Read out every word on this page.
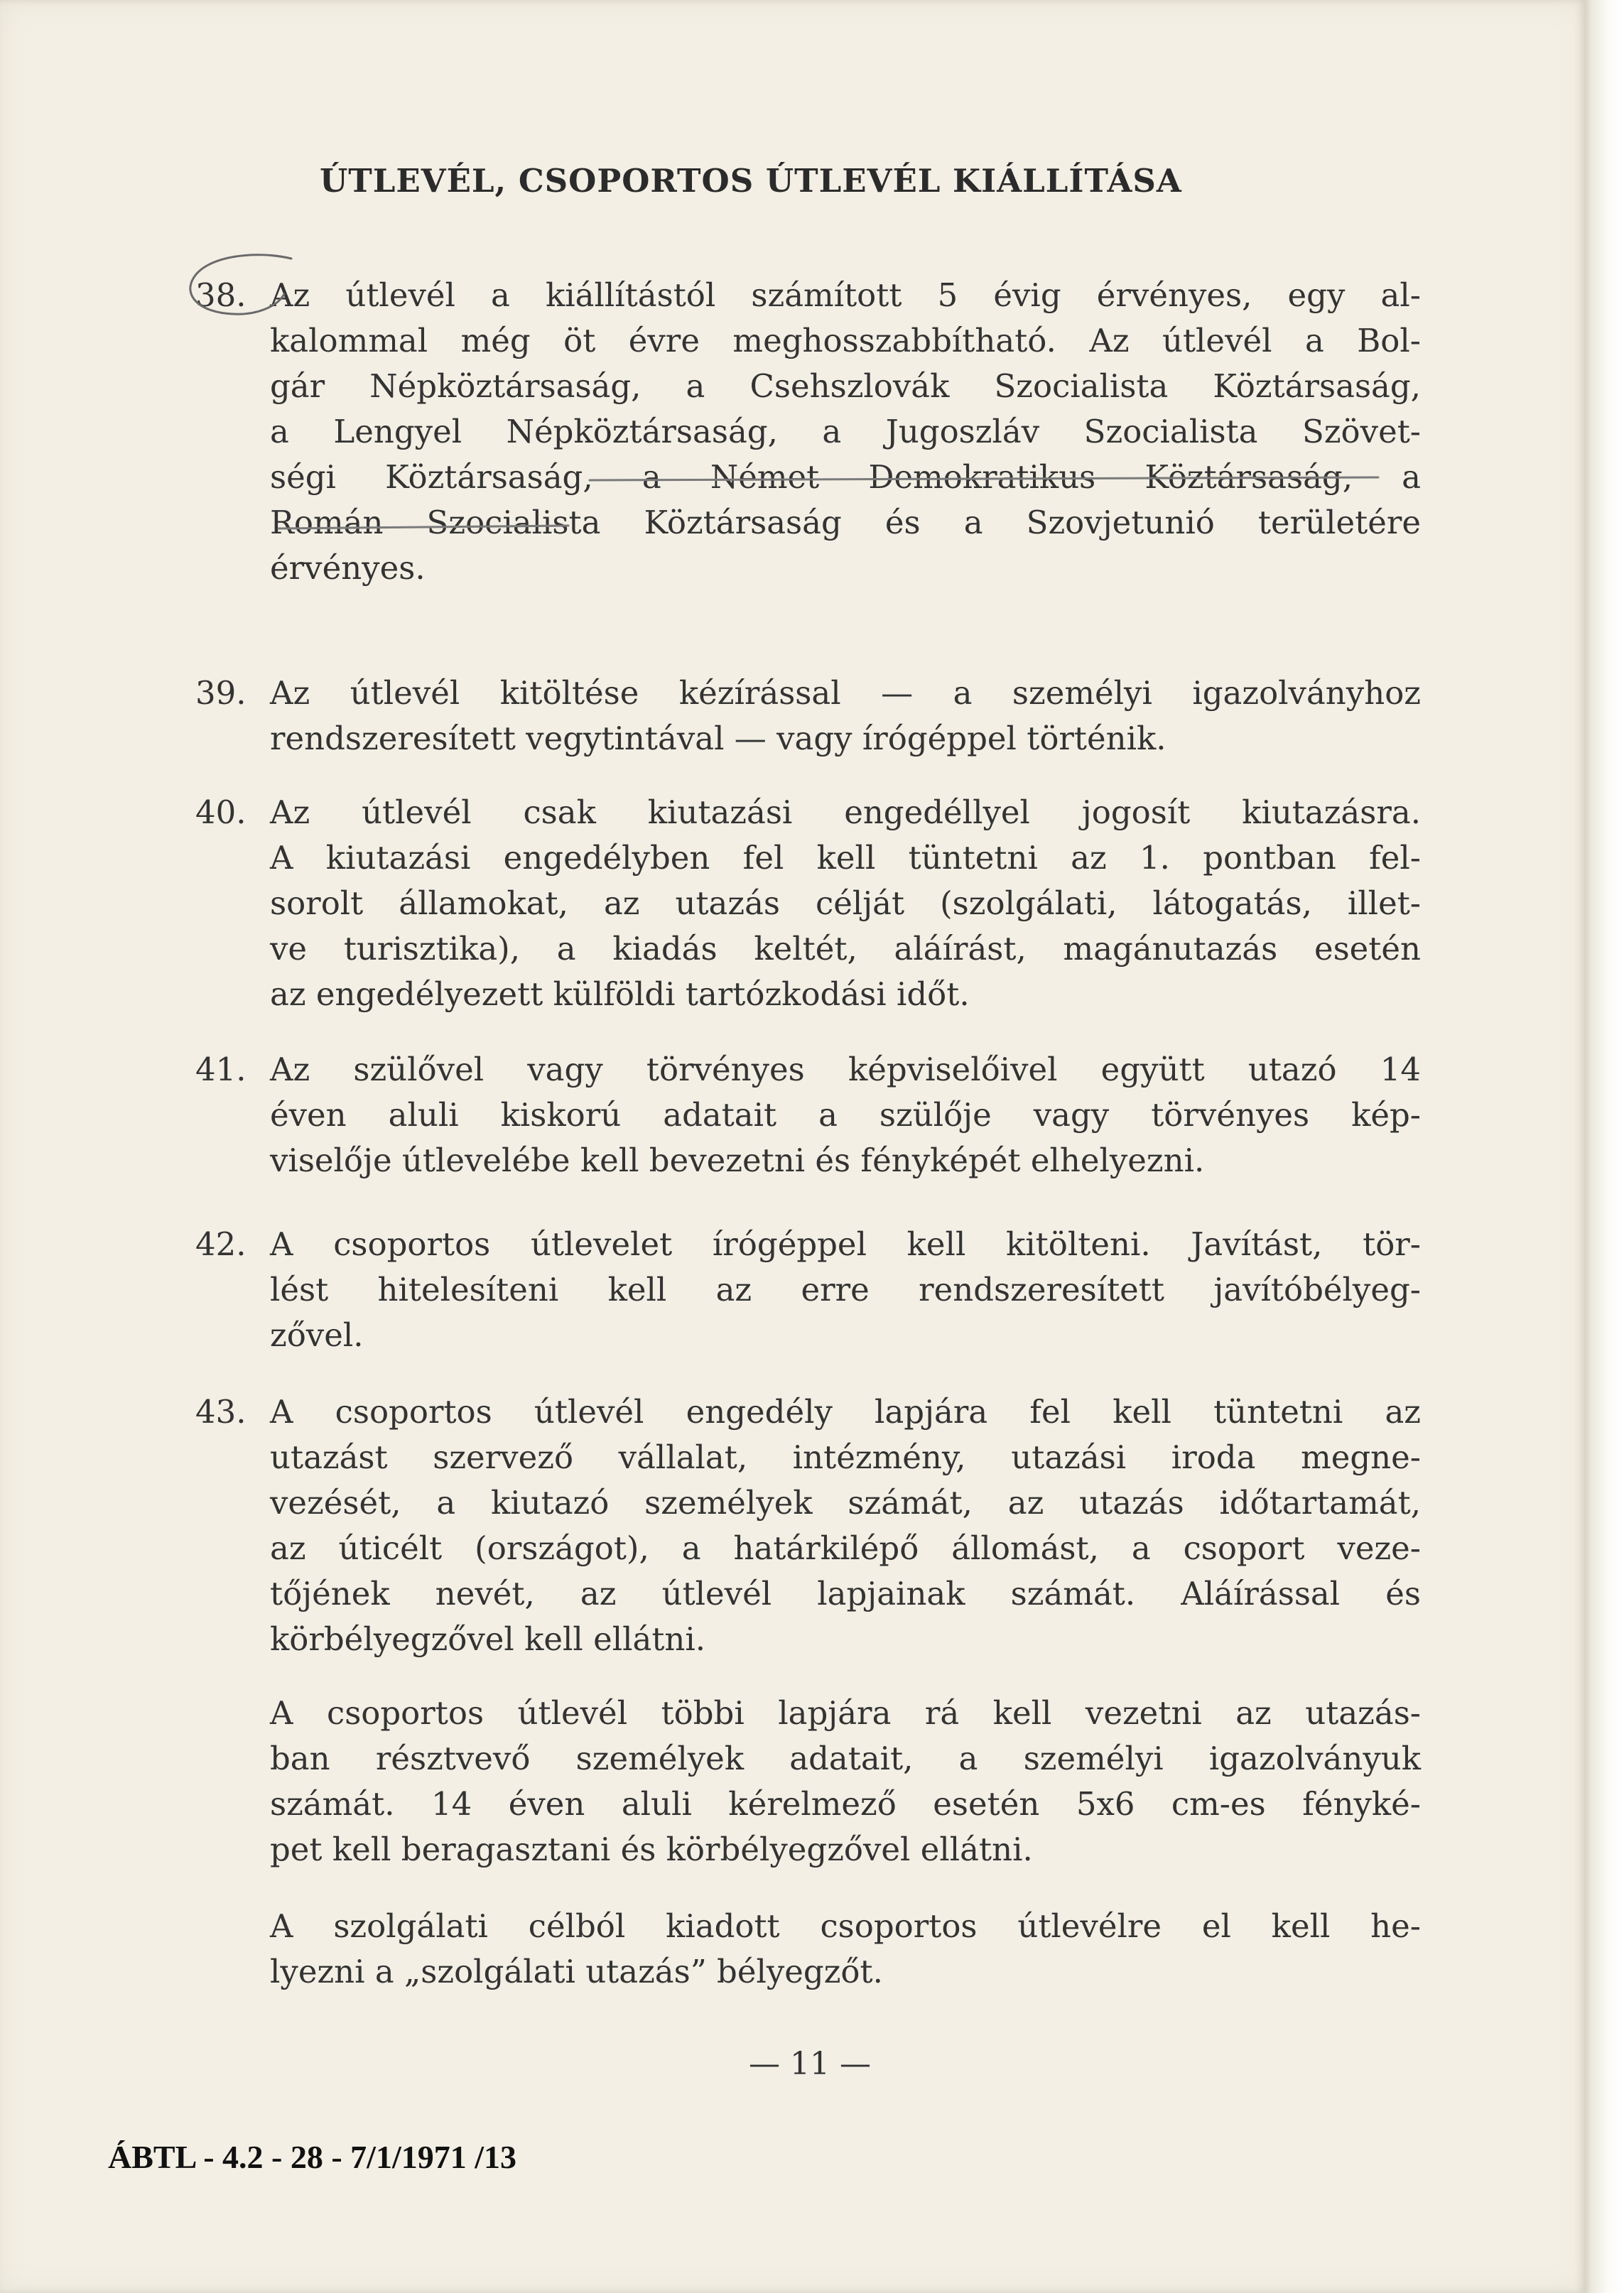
ÚTLEVÉL, CSOPORTOS ÚTLEVÉL KIÁLLÍTÁSA
38. Az útlevél a kiállítástól számított 5 évig érvényes, egy al-
kalommal még öt évre meghosszabbítható. Az útlevél a Bol-
gár Népköztársaság, a Csehszlovák Szocialista Köztársaság,
a Lengyel Népköztársaság, a Jugoszláv Szocialista Szövet-
ségi Köztársaság, a Német Demokratikus Köztársaság, a
Román Szocialista Köztársaság és a Szovjetunió területére
érvényes.
39. Az útlevél kitöltése kézírással — a személyi igazolványhoz
rendszeresített vegytintával — vagy írógéppel történik.
40. Az útlevél csak kiutazási engedéllyel jogosít kiutazásra.
A kiutazási engedélyben fel kell tüntetni az 1. pontban fel-
sorolt államokat, az utazás célját (szolgálati, látogatás, illet-
ve turisztika), a kiadás keltét, aláírást, magánutazás esetén
az engedélyezett külföldi tartózkodási időt.
41. Az szülővel vagy törvényes képviselőivel együtt utazó 14
éven aluli kiskorú adatait a szülője vagy törvényes kép-
viselője útlevelébe kell bevezetni és fényképét elhelyezni.
42. A csoportos útlevelet írógéppel kell kitölteni. Javítást, tör-
lést hitelesíteni kell az erre rendszeresített javítóbélyeg-
zővel.
43. A csoportos útlevél engedély lapjára fel kell tüntetni az
utazást szervező vállalat, intézmény, utazási iroda megne-
vezését, a kiutazó személyek számát, az utazás időtartamát,
az úticélt (országot), a határkilépő állomást, a csoport veze-
tőjének nevét, az útlevél lapjainak számát. Aláírással és
körbélyegzővel kell ellátni.
A csoportos útlevél többi lapjára rá kell vezetni az utazás-
ban résztvevő személyek adatait, a személyi igazolványuk
számát. 14 éven aluli kérelmező esetén 5x6 cm-es fényké-
pet kell beragasztani és körbélyegzővel ellátni.
A szolgálati célból kiadott csoportos útlevélre el kell he-
lyezni a „szolgálati utazás” bélyegzőt.
— 11 —
ÁBTL - 4.2 - 28 - 7/1/1971 /13
